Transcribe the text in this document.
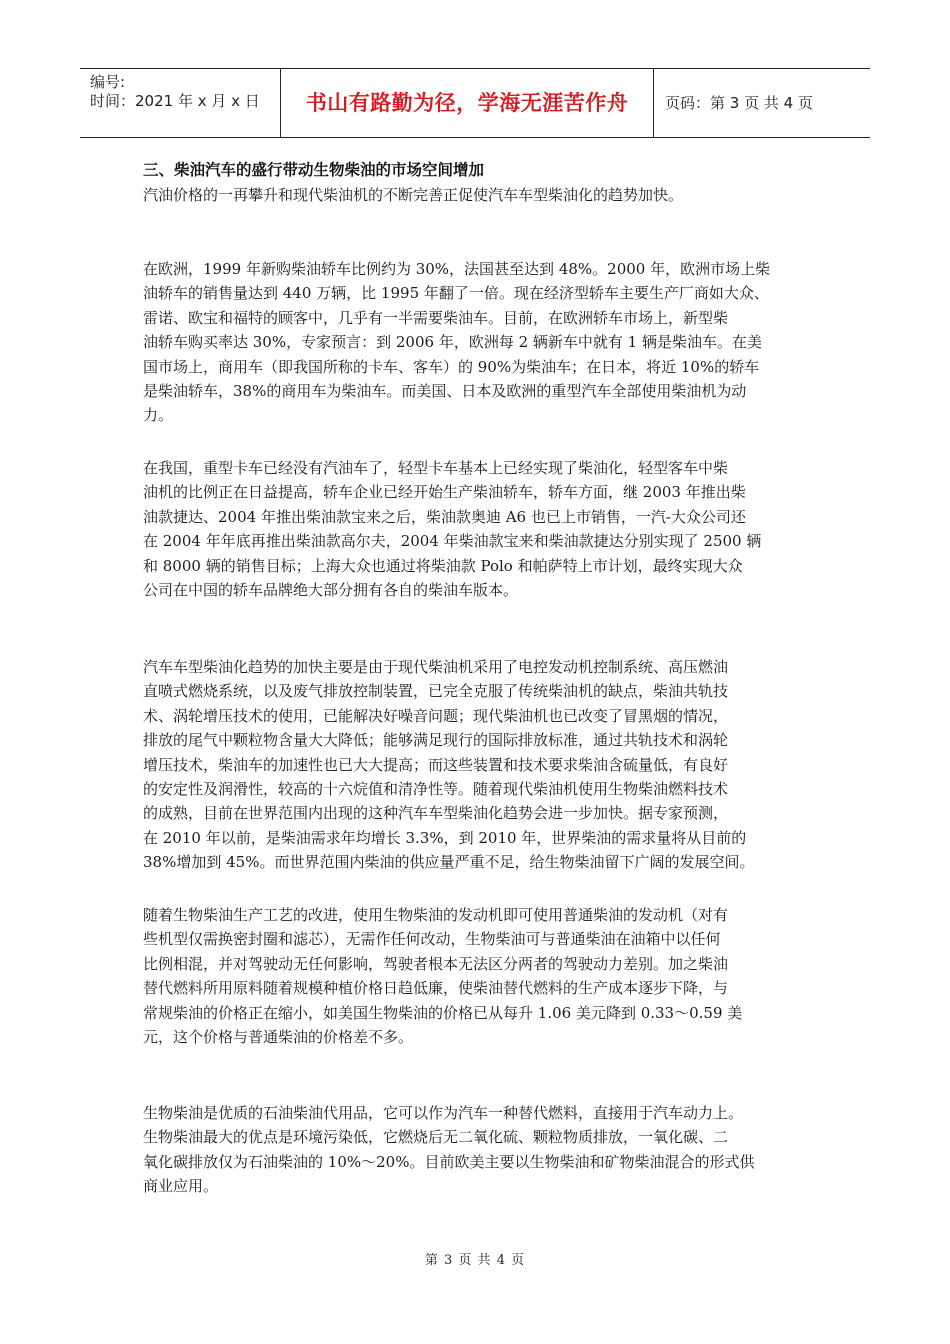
编号:
时间：2021 年 x 月 x 日	书山有路勤为径，学海无涯苦作舟	页码：第 3 页 共 4 页
三、柴油汽车的盛行带动生物柴油的市场空间增加
汽油价格的一再攀升和现代柴油机的不断完善正促使汽车车型柴油化的趋势加快。
在欧洲，1999 年新购柴油轿车比例约为 30%，法国甚至达到 48%。2000 年，欧洲市场上柴
油轿车的销售量达到 440 万辆，比 1995 年翻了一倍。现在经济型轿车主要生产厂商如大众、
雷诺、欧宝和福特的顾客中，几乎有一半需要柴油车。目前，在欧洲轿车市场上，新型柴
油轿车购买率达 30%，专家预言：到 2006 年，欧洲每 2 辆新车中就有 1 辆是柴油车。在美
国市场上，商用车（即我国所称的卡车、客车）的 90%为柴油车；在日本，将近 10%的轿车
是柴油轿车，38%的商用车为柴油车。而美国、日本及欧洲的重型汽车全部使用柴油机为动
力。
在我国，重型卡车已经没有汽油车了，轻型卡车基本上已经实现了柴油化，轻型客车中柴
油机的比例正在日益提高，轿车企业已经开始生产柴油轿车，轿车方面，继 2003 年推出柴
油款捷达、2004 年推出柴油款宝来之后，柴油款奥迪 A6 也已上市销售，一汽-大众公司还
在 2004 年年底再推出柴油款高尔夫，2004 年柴油款宝来和柴油款捷达分别实现了 2500 辆
和 8000 辆的销售目标；上海大众也通过将柴油款 Polo 和帕萨特上市计划，最终实现大众
公司在中国的轿车品牌绝大部分拥有各自的柴油车版本。
汽车车型柴油化趋势的加快主要是由于现代柴油机采用了电控发动机控制系统、高压燃油
直喷式燃烧系统，以及废气排放控制装置，已完全克服了传统柴油机的缺点，柴油共轨技
术、涡轮增压技术的使用，已能解决好噪音问题；现代柴油机也已改变了冒黑烟的情况，
排放的尾气中颗粒物含量大大降低；能够满足现行的国际排放标准，通过共轨技术和涡轮
增压技术，柴油车的加速性也已大大提高；而这些装置和技术要求柴油含硫量低，有良好
的安定性及润滑性，较高的十六烷值和清净性等。随着现代柴油机使用生物柴油燃料技术
的成熟，目前在世界范围内出现的这种汽车车型柴油化趋势会进一步加快。据专家预测，
在 2010 年以前，是柴油需求年均增长 3.3%，到 2010 年，世界柴油的需求量将从目前的
38%增加到 45%。而世界范围内柴油的供应量严重不足，给生物柴油留下广阔的发展空间。
随着生物柴油生产工艺的改进，使用生物柴油的发动机即可使用普通柴油的发动机（对有
些机型仅需换密封圈和滤芯），无需作任何改动，生物柴油可与普通柴油在油箱中以任何
比例相混，并对驾驶动无任何影响，驾驶者根本无法区分两者的驾驶动力差别。加之柴油
替代燃料所用原料随着规模种植价格日趋低廉，使柴油替代燃料的生产成本逐步下降，与
常规柴油的价格正在缩小，如美国生物柴油的价格已从每升 1.06 美元降到 0.33～0.59 美
元，这个价格与普通柴油的价格差不多。
生物柴油是优质的石油柴油代用品，它可以作为汽车一种替代燃料，直接用于汽车动力上。
生物柴油最大的优点是环境污染低，它燃烧后无二氧化硫、颗粒物质排放，一氧化碳、二
氧化碳排放仅为石油柴油的 10%～20%。目前欧美主要以生物柴油和矿物柴油混合的形式供
商业应用。
第 3 页 共 4 页
